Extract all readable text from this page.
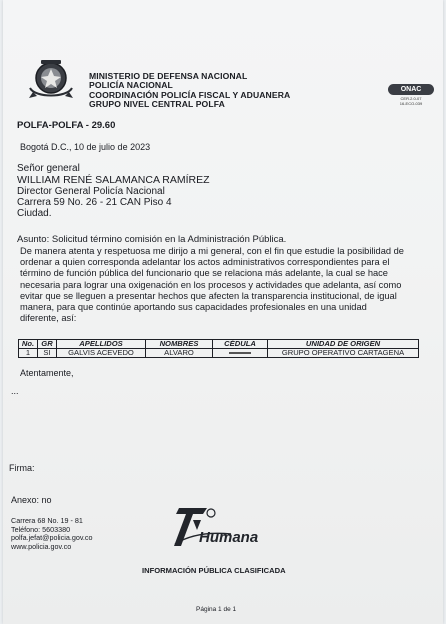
MINISTERIO DE DEFENSA NACIONAL
POLICÍA NACIONAL
COORDINACIÓN POLICÍA FISCAL Y ADUANERA
GRUPO NIVEL CENTRAL POLFA
ONAC
CER.2.0-07
16-ECO-039
POLFA-POLFA - 29.60
Bogotá D.C., 10 de julio de 2023
Señor general
WILLIAM RENÉ SALAMANCA RAMÍREZ
Director General Policía Nacional
Carrera 59 No. 26 - 21 CAN Piso 4
Ciudad.
Asunto: Solicitud término comisión en la Administración Pública.

De manera atenta y respetuosa me dirijo a mi general, con el fin que estudie la posibilidad de

ordenar a quien corresponda adelantar los actos administrativos correspondientes para el

término de función pública del funcionario que se relaciona más adelante, la cual se hace

necesaria para lograr una oxigenación en los procesos y actividades que adelanta, así como

evitar que se lleguen a presentar hechos que afecten la transparencia institucional, de igual

manera, para que continúe aportando sus capacidades profesionales en una unidad

diferente, así:

No.	GR	APELLIDOS	NOMBRES	CÉDULA	UNIDAD DE ORIGEN
1	SI	GALVIS ACEVEDO	ALVARO		GRUPO OPERATIVO CARTAGENA
Atentamente,
...
Firma:
Anexo: no
Carrera 68 No. 19 - 81
Teléfono: 5603380
polfa.jefat@policia.gov.co
www.policia.gov.co
Humana
INFORMACIÓN PÚBLICA CLASIFICADA
Página 1 de 1
